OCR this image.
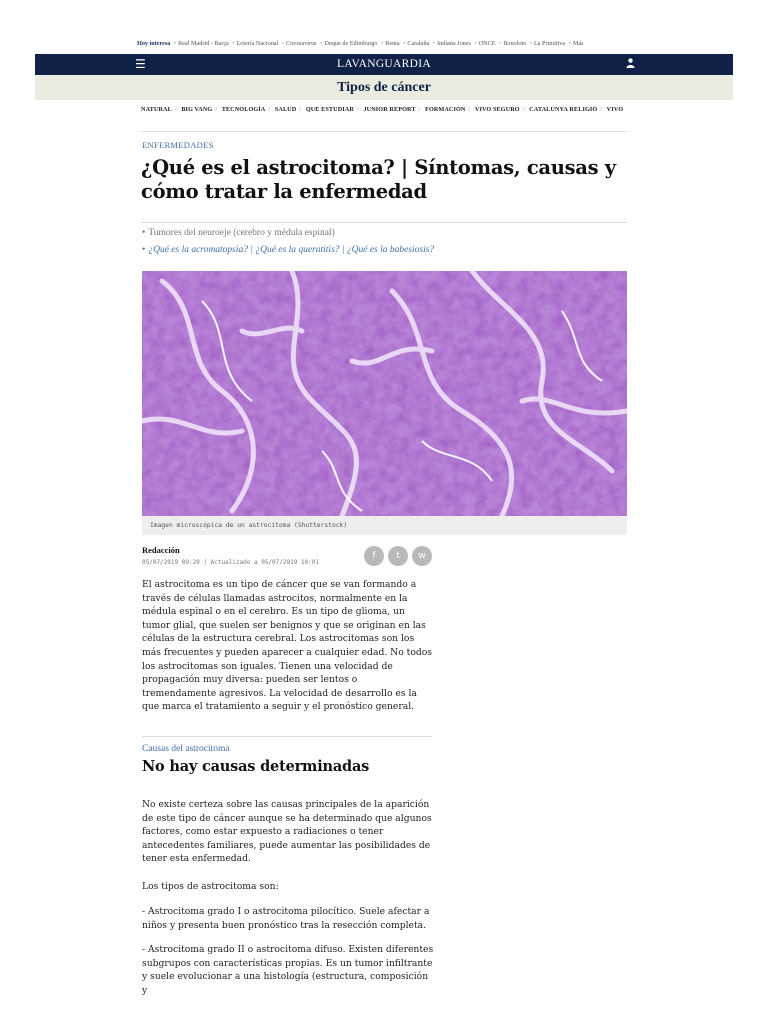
Hoy interesa • Real Madrid - Barça • Lotería Nacional • Coronavirus • Duque de Edimburgo • Renta • Cataluña • Indiana Jones • ONCE • Bonoloto • La Primitiva • Más
☰	LAVANGUARDIA
Tipos de cáncer
NATURAL / BIG VANG / TECNOLOGÍA / SALUD / QUÉ ESTUDIAR / JUNIOR REPORT / FORMACIÓN / VIVO SEGURO / CATALUNYA RELIGIÓ / VIVO
ENFERMEDADES
¿Qué es el astrocitoma? | Síntomas, causas y cómo tratar la enfermedad
• Tumores del neuroeje (cerebro y médula espinal)
• ¿Qué es la acromatopsia? | ¿Qué es la queratitis? | ¿Qué es la babesiosis?
Imagen microscópica de un astrocitoma (Shutterstock)
Redacción
05/07/2019 09:29 | Actualizado a 05/07/2019 10:01
f	t	w

El astrocitoma es un tipo de cáncer que se van formando a través de células llamadas astrocitos, normalmente en la médula espinal o en el cerebro. Es un tipo de glioma, un tumor glial, que suelen ser benignos y que se originan en las células de la estructura cerebral. Los astrocitomas son los más frecuentes y pueden aparecer a cualquier edad. No todos los astrocitomas son iguales. Tienen una velocidad de propagación muy diversa: pueden ser lentos o tremendamente agresivos. La velocidad de desarrollo es la que marca el tratamiento a seguir y el pronóstico general.

Causas del astrocitoma
No hay causas determinadas

No existe certeza sobre las causas principales de la aparición de este tipo de cáncer aunque se ha determinado que algunos factores, como estar expuesto a radiaciones o tener antecedentes familiares, puede aumentar las posibilidades de tener esta enfermedad.

Los tipos de astrocitoma son:

- Astrocitoma grado I o astrocitoma pilocítico. Suele afectar a niños y presenta buen pronóstico tras la resección completa.

- Astrocitoma grado II o astrocitoma difuso. Existen diferentes subgrupos con características propias. Es un tumor infiltrante y suele evolucionar a una histología (estructura, composición y
